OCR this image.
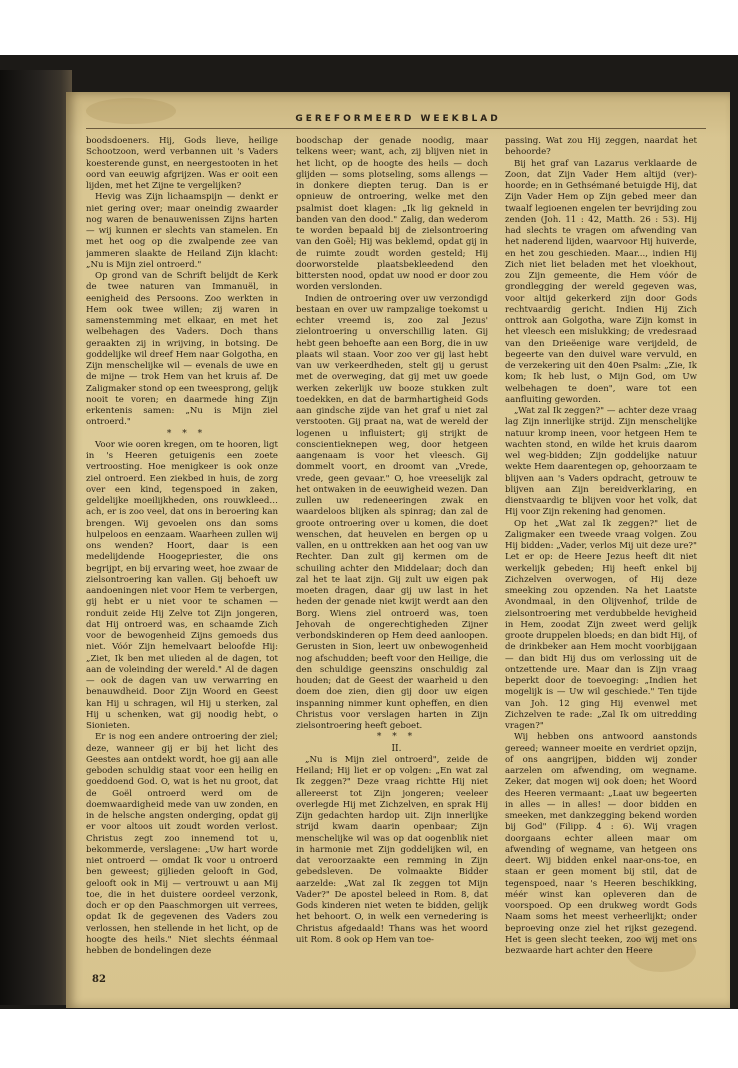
GEREFORMEERD WEEKBLAD

boodsdoeners. Hij, Gods lieve, heilige Schootzoon, werd verbannen uit 's Vaders koesterende gunst, en neergestooten in het oord van eeuwig afgrijzen. Was er ooit een lijden, met het Zijne te vergelijken?

Hevig was Zijn lichaamspijn — denkt er niet gering over; maar oneindig zwaarder nog waren de benauwenissen Zijns harten — wij kunnen er slechts van stamelen. En met het oog op die zwalpende zee van jammeren slaakte de Heiland Zijn klacht: „Nu is Mijn ziel ontroerd."

Op grond van de Schrift belijdt de Kerk de twee naturen van Immanuël, in eenigheid des Persoons. Zoo werkten in Hem ook twee willen; zij waren in samenstemming met elkaar, en met het welbehagen des Vaders. Doch thans geraakten zij in wrijving, in botsing. De goddelijke wil dreef Hem naar Golgotha, en Zijn menschelijke wil — evenals de uwe en de mijne — trok Hem van het kruis af. De Zaligmaker stond op een tweesprong, gelijk nooit te voren; en daarmede hing Zijn erkentenis samen: „Nu is Mijn ziel ontroerd."

* * *

Voor wie ooren kregen, om te hooren, ligt in 's Heeren getuigenis een zoete vertroosting. Hoe menigkeer is ook onze ziel ontroerd. Een ziekbed in huis, de zorg over een kind, tegenspoed in zaken, geldelijke moeilijkheden, ons rouwkleed… ach, er is zoo veel, dat ons in beroering kan brengen. Wij gevoelen ons dan soms hulpeloos en eenzaam. Waarheen zullen wij ons wenden? Hoort, daar is een medelijdende Hoogepriester, die ons begrijpt, en bij ervaring weet, hoe zwaar de zielsontroering kan vallen. Gij behoeft uw aandoeningen niet voor Hem te verbergen, gij hebt er u niet voor te schamen — ronduit zeide Hij Zelve tot Zijn jongeren, dat Hij ontroerd was, en schaamde Zich voor de bewogenheid Zijns gemoeds dus niet. Vóór Zijn hemelvaart beloofde Hij: „Ziet, Ik ben met ulieden al de dagen, tot aan de voleinding der wereld." Al de dagen — ook de dagen van uw verwarring en benauwdheid. Door Zijn Woord en Geest kan Hij u schragen, wil Hij u sterken, zal Hij u schenken, wat gij noodig hebt, o Sionieten.

Er is nog een andere ontroering der ziel; deze, wanneer gij er bij het licht des Geestes aan ontdekt wordt, hoe gij aan alle geboden schuldig staat voor een heilig en goeddoend God. O, wat is het nu groot, dat de Goël ontroerd werd om de doemwaardigheid mede van uw zonden, en in de helsche angsten onderging, opdat gij er voor altoos uit zoudt worden verlost. Christus zegt zoo innemend tot u, bekommerde, verslagene: „Uw hart worde niet ontroerd — omdat Ik voor u ontroerd ben geweest; gijlieden gelooft in God, gelooft ook in Mij — vertrouwt u aan Mij toe, die in het duistere oordeel verzonk, doch er op den Paaschmorgen uit verrees, opdat Ik de gegevenen des Vaders zou verlossen, hen stellende in het licht, op de hoogte des heils." Niet slechts éénmaal hebben de bondelingen deze

boodschap der genade noodig, maar telkens weer; want, ach, zij blijven niet in het licht, op de hoogte des heils — doch glijden — soms plotseling, soms allengs — in donkere diepten terug. Dan is er opnieuw de ontroering, welke met den psalmist doet klagen: „Ik lig gekneld in banden van den dood." Zalig, dan wederom te worden bepaald bij de zielsontroering van den Goël; Hij was beklemd, opdat gij in de ruimte zoudt worden gesteld; Hij doorworstelde plaatsbekleedend den bittersten nood, opdat uw nood er door zou worden verslonden.

Indien de ontroering over uw verzondigd bestaan en over uw rampzalige toekomst u echter vreemd is, zoo zal Jezus' zielontroering u onverschillig laten. Gij hebt geen behoefte aan een Borg, die in uw plaats wil staan. Voor zoo ver gij last hebt van uw verkeerdheden, stelt gij u gerust met de overweging, dat gij met uw goede werken zekerlijk uw booze stukken zult toedekken, en dat de barmhartigheid Gods aan gindsche zijde van het graf u niet zal verstooten. Gij praat na, wat de wereld der logenen u influistert; gij strijkt de conscientieknepen weg, door hetgeen aangenaam is voor het vleesch. Gij dommelt voort, en droomt van „Vrede, vrede, geen gevaar." O, hoe vreeselijk zal het ontwaken in de eeuwigheid wezen. Dan zullen uw redeneeringen zwak en waardeloos blijken als spinrag; dan zal de groote ontroering over u komen, die doet wenschen, dat heuvelen en bergen op u vallen, en u onttrekken aan het oog van uw Rechter. Dan zult gij kermen om de schuiling achter den Middelaar; doch dan zal het te laat zijn. Gij zult uw eigen pak moeten dragen, daar gij uw last in het heden der genade niet kwijt werdt aan den Borg. Wiens ziel ontroerd was, toen Jehovah de ongerechtigheden Zijner verbondskinderen op Hem deed aanloopen. Gerusten in Sion, leert uw onbewogenheid nog afschudden; beeft voor den Heilige, die den schuldige geenszins onschuldig zal houden; dat de Geest der waarheid u den doem doe zien, dien gij door uw eigen inspanning nimmer kunt opheffen, en dien Christus voor verslagen harten in Zijn zielsontroering heeft geboet.

* * *

II.

„Nu is Mijn ziel ontroerd", zeide de Heiland; Hij liet er op volgen: „En wat zal Ik zeggen?" Deze vraag richtte Hij niet allereerst tot Zijn jongeren; veeleer overlegde Hij met Zichzelven, en sprak Hij Zijn gedachten hardop uit. Zijn innerlijke strijd kwam daarin openbaar; Zijn menschelijke wil was op dat oogenblik niet in harmonie met Zijn goddelijken wil, en dat veroorzaakte een remming in Zijn gebedsleven. De volmaakte Bidder aarzelde: „Wat zal Ik zeggen tot Mijn Vader?" De apostel beleed in Rom. 8, dat Gods kinderen niet weten te bidden, gelijk het behoort. O, in welk een vernedering is Christus afgedaald! Thans was het woord uit Rom. 8 ook op Hem van toe-

passing. Wat zou Hij zeggen, naardat het behoorde?

Bij het graf van Lazarus verklaarde de Zoon, dat Zijn Vader Hem altijd (ver)-hoorde; en in Gethsémané betuigde Hij, dat Zijn Vader Hem op Zijn gebed meer dan twaalf legioenen engelen ter bevrijding zou zenden (Joh. 11 : 42, Matth. 26 : 53). Hij had slechts te vragen om afwending van het naderend lijden, waarvoor Hij huiverde, en het zou geschieden. Maar..., indien Hij Zich niet liet beladen met het vloekhout, zou Zijn gemeente, die Hem vóór de grondlegging der wereld gegeven was, voor altijd gekerkerd zijn door Gods rechtvaardig gericht. Indien Hij Zich onttrok aan Golgotha, ware Zijn komst in het vleesch een mislukking; de vredesraad van den Drieëenige ware verijdeld, de begeerte van den duivel ware vervuld, en de verzekering uit den 40en Psalm: „Zie, Ik kom; Ik heb lust, o Mijn God, om Uw welbehagen te doen", ware tot een aanfluiting geworden.

„Wat zal Ik zeggen?" — achter deze vraag lag Zijn innerlijke strijd. Zijn menschelijke natuur kromp ineen, voor hetgeen Hem te wachten stond, en wilde het kruis daarom wel weg-bidden; Zijn goddelijke natuur wekte Hem daarentegen op, gehoorzaam te blijven aan 's Vaders opdracht, getrouw te blijven aan Zijn bereidverklaring, en dienstvaardig te blijven voor het volk, dat Hij voor Zijn rekening had genomen.

Op het „Wat zal Ik zeggen?" liet de Zaligmaker een tweede vraag volgen. Zou Hij bidden: „Vader, verlos Mij uit deze ure?" Let er op: de Heere Jezus heeft dit niet werkelijk gebeden; Hij heeft enkel bij Zichzelven overwogen, of Hij deze smeeking zou opzenden. Na het Laatste Avondmaal, in den Olijvenhof, trilde de zielsontroering met verdubbelde hevigheid in Hem, zoodat Zijn zweet werd gelijk groote druppelen bloeds; en dan bidt Hij, of de drinkbeker aan Hem mocht voorbijgaan — dan bidt Hij dus om verlossing uit de ontzettende ure. Maar dan is Zijn vraag beperkt door de toevoeging: „Indien het mogelijk is — Uw wil geschiede." Ten tijde van Joh. 12 ging Hij evenwel met Zichzelven te rade: „Zal Ik om uitredding vragen?"

Wij hebben ons antwoord aanstonds gereed; wanneer moeite en verdriet opzijn, of ons aangrijpen, bidden wij zonder aarzelen om afwending, om wegname. Zeker, dat mogen wij ook doen; het Woord des Heeren vermaant: „Laat uw begeerten in alles — in alles! — door bidden en smeeken, met dankzegging bekend worden bij God" (Filipp. 4 : 6). Wij vragen doorgaans echter alleen maar om afwending of wegname, van hetgeen ons deert. Wij bidden enkel naar-ons-toe, en staan er geen moment bij stil, dat de tegenspoed, naar 's Heeren beschikking, méér winst kan opleveren dan de voorspoed. Op een drukweg wordt Gods Naam soms het meest verheerlijkt; onder beproeving onze ziel het rijkst gezegend. Het is geen slecht teeken, zoo wij met ons bezwaarde hart achter den Heere

82
